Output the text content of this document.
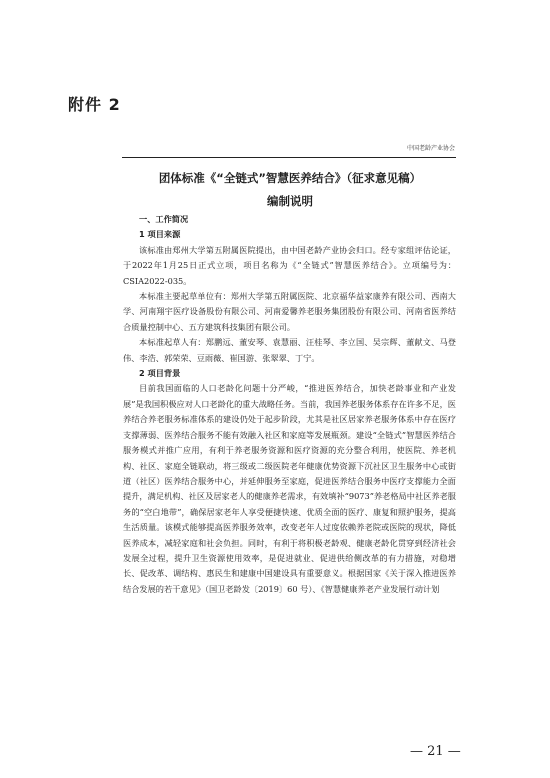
附件 2
中国老龄产业协会
团体标准《“全链式”智慧医养结合》（征求意见稿）
编制说明

一、工作简况

1 项目来源

该标准由郑州大学第五附属医院提出，由中国老龄产业协会归口。经专家组评估论证，于2022年1月25日正式立项，项目名称为《“全链式”智慧医养结合》。立项编号为：CSIA2022-035。

本标准主要起草单位有：郑州大学第五附属医院、北京福华益家康养有限公司、西南大学、河南翔宇医疗设备股份有限公司、河南爱馨养老服务集团股份有限公司、河南省医养结合质量控制中心、五方建筑科技集团有限公司。

本标准起草人有：郑鹏远、董安琴、袁慧丽、汪桂琴、李立国、吴宗辉、董献文、马登伟、李浩、郭荣荣、豆雨薇、崔国游、张翠翠、丁宁。

2 项目背景

目前我国面临的人口老龄化问题十分严峻，“推进医养结合，加快老龄事业和产业发展”是我国积极应对人口老龄化的重大战略任务。当前，我国养老服务体系存在许多不足，医养结合养老服务标准体系的建设仍处于起步阶段，尤其是社区居家养老服务体系中存在医疗支撑薄弱、医养结合服务不能有效融入社区和家庭等发展瓶颈。建设“全链式”智慧医养结合服务模式并推广应用，有利于养老服务资源和医疗资源的充分整合利用，使医院、养老机构、社区、家庭全链联动，将三级或二级医院老年健康优势资源下沉社区卫生服务中心或街道（社区）医养结合服务中心，并延伸服务至家庭，促进医养结合服务中医疗支撑能力全面提升，满足机构、社区及居家老人的健康养老需求，有效填补“9073”养老格局中社区养老服务的“空白地带”，确保居家老年人享受便捷快速、优质全面的医疗、康复和照护服务，提高生活质量。该模式能够提高医养服务效率，改变老年人过度依赖养老院或医院的现状，降低医养成本，减轻家庭和社会负担。同时，有利于将积极老龄观、健康老龄化贯穿到经济社会发展全过程，提升卫生资源使用效率，是促进就业、促进供给侧改革的有力措施，对稳增长、促改革、调结构、惠民生和建康中国建设具有重要意义。根据国家《关于深入推进医养结合发展的若干意见》（国卫老龄发〔2019〕60 号）、《智慧健康养老产业发展行动计划

— 21 —
